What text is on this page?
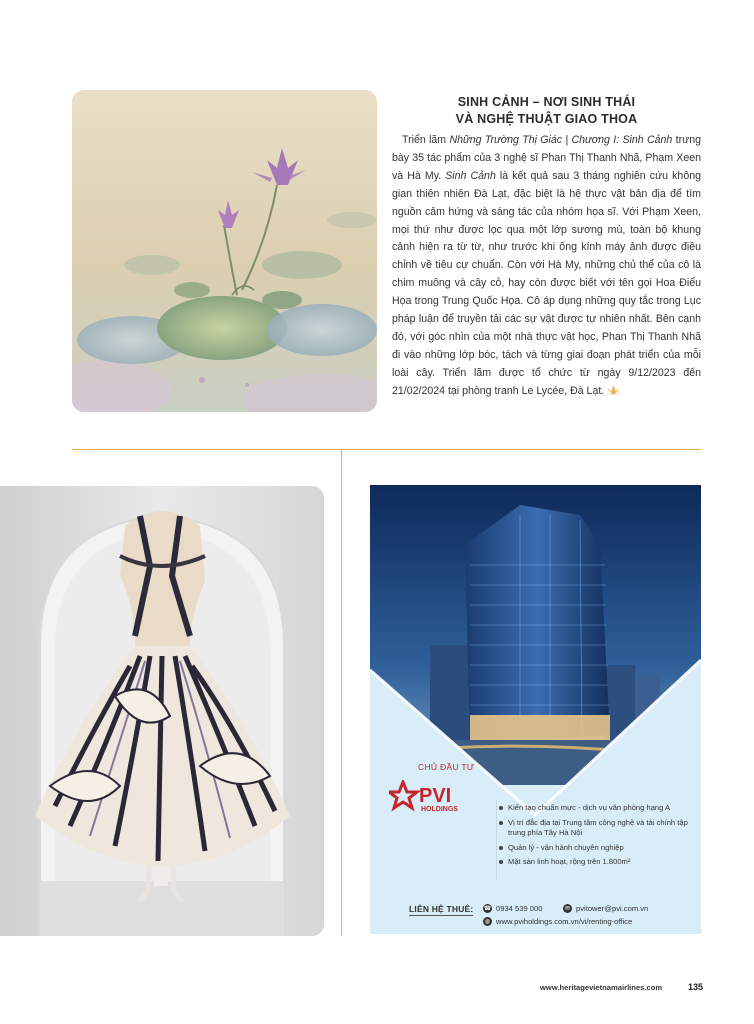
SINH CẢNH – NƠI SINH THÁI
VÀ NGHỆ THUẬT GIAO THOA

Triển lãm Những Trường Thị Giác | Chương I: Sinh Cảnh trưng bày 35 tác phẩm của 3 nghệ sĩ Phan Thị Thanh Nhã, Phạm Xeen và Hà My. Sinh Cảnh là kết quả sau 3 tháng nghiên cứu không gian thiên nhiên Đà Lạt, đặc biệt là hệ thực vật bản địa để tìm nguồn cảm hứng và sáng tác của nhóm họa sĩ. Với Phạm Xeen, mọi thứ như được lọc qua một lớp sương mù, toàn bộ khung cảnh hiện ra từ từ, như trước khi ống kính máy ảnh được điều chỉnh về tiêu cự chuẩn. Còn với Hà My, những chủ thể của cô là chim muông và cây cỏ, hay còn được biết với tên gọi Hoa Điểu Họa trong Trung Quốc Họa. Cô áp dụng những quy tắc trong Lục pháp luận để truyền tải các sự vật được tự nhiên nhất. Bên cạnh đó, với góc nhìn của một nhà thực vật học, Phan Thị Thanh Nhã đi vào những lớp bóc, tách và từng giai đoạn phát triển của mỗi loài cây. Triển lãm được tổ chức từ ngày 9/12/2023 đến 21/02/2024 tại phòng tranh Le Lycée, Đà Lạt.

CHỦ ĐẦU TƯ
PVI
HOLDINGS	Kiến tạo chuẩn mực - dịch vụ văn phòng hạng A
Vị trí đắc địa tại Trung tâm công nghệ và tài chính tập trung phía Tây Hà Nội
Quản lý - vận hành chuyên nghiệp
Mặt sàn linh hoạt, rộng trên 1.800m²
LIÊN HỆ THUÊ: ☎ 0934 539 000	✉ pvitower@pvi.com.vn
◍ www.pviholdings.com.vn/vi/renting-office
www.heritagevietnamairlines.com	135
